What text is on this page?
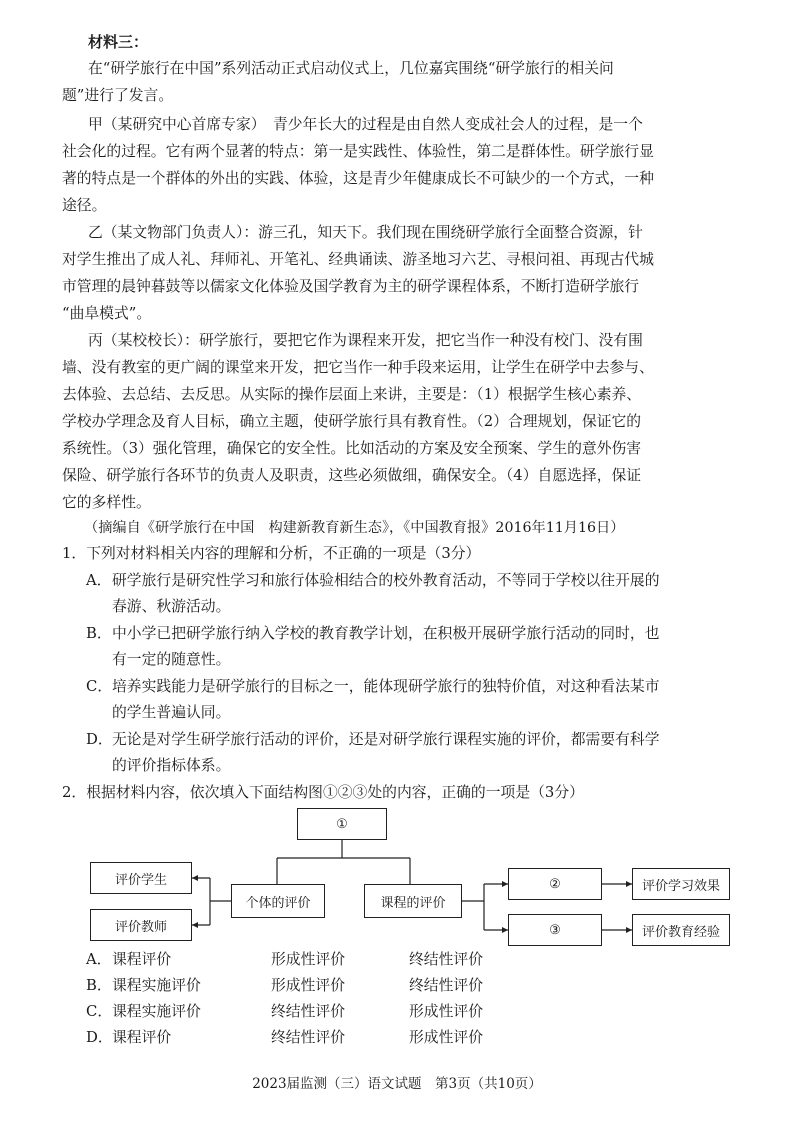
材料三：
在“研学旅行在中国”系列活动正式启动仪式上，几位嘉宾围绕“研学旅行的相关问
题”进行了发言。
甲（某研究中心首席专家）　青少年长大的过程是由自然人变成社会人的过程，是一个
社会化的过程。它有两个显著的特点：第一是实践性、体验性，第二是群体性。研学旅行显
著的特点是一个群体的外出的实践、体验，这是青少年健康成长不可缺少的一个方式，一种
途径。
乙（某文物部门负责人）：游三孔，知天下。我们现在围绕研学旅行全面整合资源，针
对学生推出了成人礼、拜师礼、开笔礼、经典诵读、游圣地习六艺、寻根问祖、再现古代城
市管理的晨钟暮鼓等以儒家文化体验及国学教育为主的研学课程体系，不断打造研学旅行
“曲阜模式”。
丙（某校校长）：研学旅行，要把它作为课程来开发，把它当作一种没有校门、没有围
墙、没有教室的更广阔的课堂来开发，把它当作一种手段来运用，让学生在研学中去参与、
去体验、去总结、去反思。从实际的操作层面上来讲，主要是：（1）根据学生核心素养、
学校办学理念及育人目标，确立主题，使研学旅行具有教育性。（2）合理规划，保证它的
系统性。（3）强化管理，确保它的安全性。比如活动的方案及安全预案、学生的意外伤害
保险、研学旅行各环节的负责人及职责，这些必须做细，确保安全。（4）自愿选择，保证
它的多样性。
（摘编自《研学旅行在中国　构建新教育新生态》，《中国教育报》2016年11月16日）
1．下列对材料相关内容的理解和分析，不正确的一项是（3分）
A． 研学旅行是研究性学习和旅行体验相结合的校外教育活动，不等同于学校以往开展的
春游、秋游活动。
B． 中小学已把研学旅行纳入学校的教育教学计划，在积极开展研学旅行活动的同时，也
有一定的随意性。
C． 培养实践能力是研学旅行的目标之一，能体现研学旅行的独特价值，对这种看法某市
的学生普遍认同。
D． 无论是对学生研学旅行活动的评价，还是对研学旅行课程实施的评价，都需要有科学
的评价指标体系。
2．根据材料内容，依次填入下面结构图①②③处的内容，正确的一项是（3分）
①
个体的评价	课程的评价
评价学生
评价教师
②
③
评价学习效果
评价教育经验
A． 课程评价	形成性评价	终结性评价
B． 课程实施评价	形成性评价	终结性评价
C． 课程实施评价	终结性评价	形成性评价
D． 课程评价	终结性评价	形成性评价
2023届监测（三）语文试题　第3页（共10页）
